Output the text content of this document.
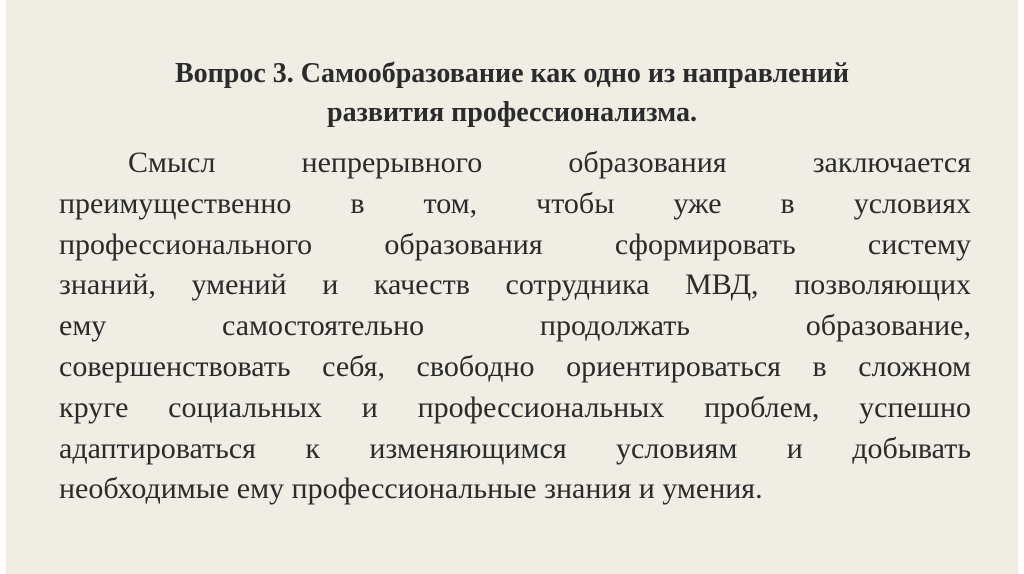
Вопрос 3. Самообразование как одно из направлений
развития профессионализма.
Смысл непрерывного образования заключается
преимущественно в том, чтобы уже в условиях
профессионального образования сформировать систему
знаний, умений и качеств сотрудника МВД, позволяющих
ему самостоятельно продолжать образование,
совершенствовать себя, свободно ориентироваться в сложном
круге социальных и профессиональных проблем, успешно
адаптироваться к изменяющимся условиям и добывать
необходимые ему профессиональные знания и умения.
